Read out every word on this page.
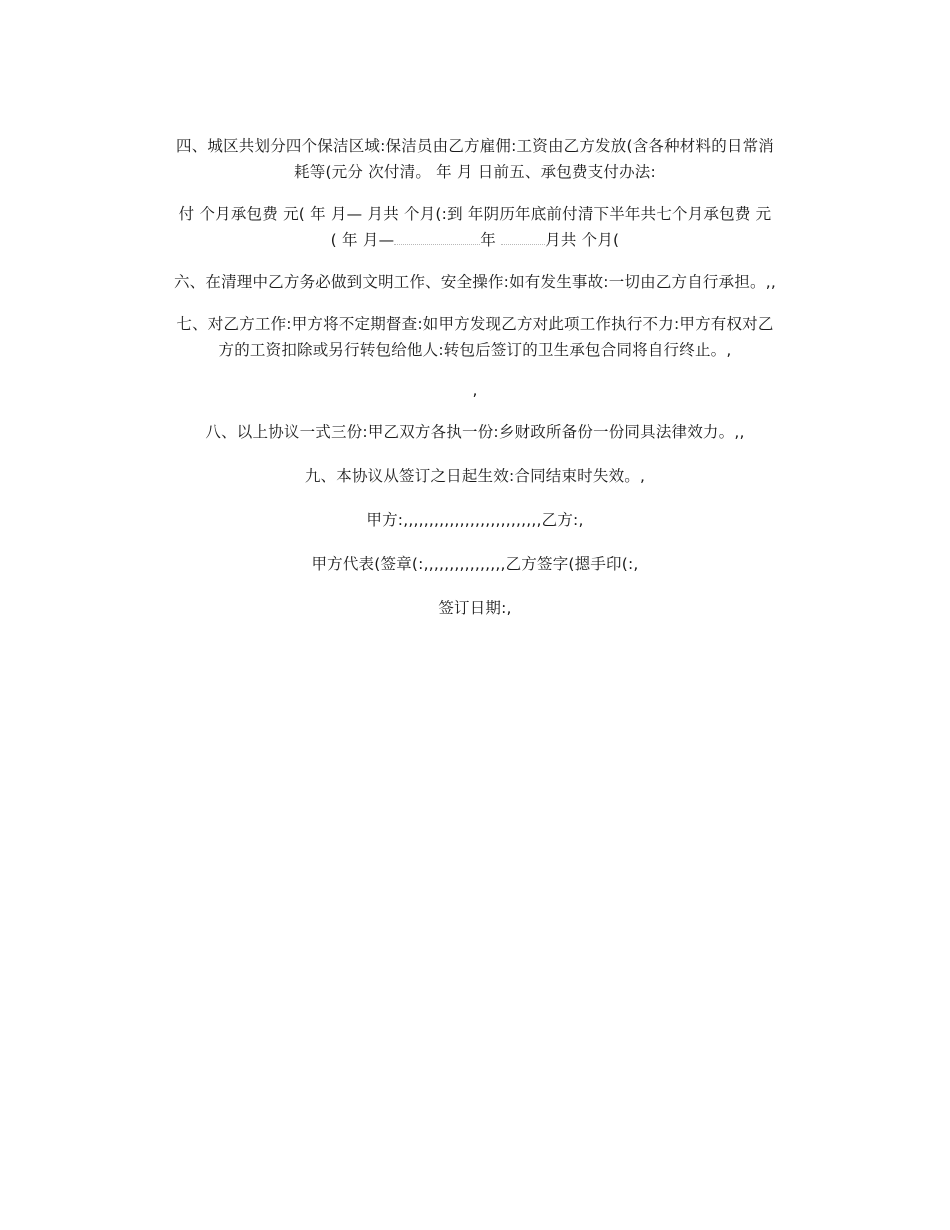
四、城区共划分四个保洁区域:保洁员由乙方雇佣:工资由乙方发放(含各种材料的日常消
耗等(元分 次付清。 年 月 日前五、承包费支付办法:

付 个月承包费 元( 年 月— 月共 个月(:到 年阴历年底前付清下半年共七个月承包费 元
( 年 月—	年	月共 个月(

六、在清理中乙方务必做到文明工作、安全操作:如有发生事故:一切由乙方自行承担。,,

七、对乙方工作:甲方将不定期督查:如甲方发现乙方对此项工作执行不力:甲方有权对乙
方的工资扣除或另行转包给他人:转包后签订的卫生承包合同将自行终止。,

,

八、以上协议一式三份:甲乙双方各执一份:乡财政所备份一份同具法律效力。,,

九、本协议从签订之日起生效:合同结束时失效。,

甲方:,,,,,,,,,,,,,,,,,,,,,,,,,,,乙方:,

甲方代表(签章(:,,,,,,,,,,,,,,,,乙方签字(摁手印(:,

签订日期:,
